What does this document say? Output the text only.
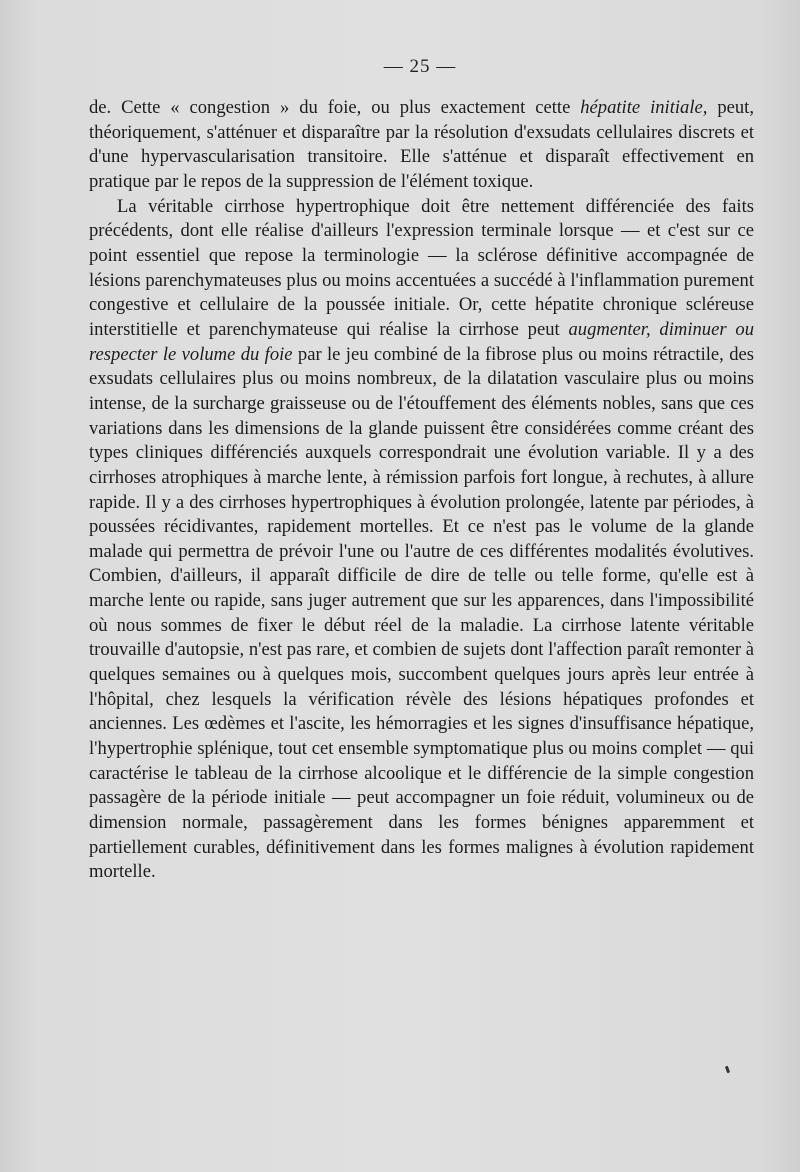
— 25 —

de. Cette « congestion » du foie, ou plus exactement cette hépatite initiale, peut, théoriquement, s'atténuer et disparaître par la résolution d'exsudats cellulaires discrets et d'une hypervascularisation transitoire. Elle s'atténue et disparaît effectivement en pratique par le repos de la suppression de l'élément toxique.

La véritable cirrhose hypertrophique doit être nettement différenciée des faits précédents, dont elle réalise d'ailleurs l'expression terminale lorsque — et c'est sur ce point essentiel que repose la terminologie — la sclérose définitive accompagnée de lésions parenchymateuses plus ou moins accentuées a succédé à l'inflammation purement congestive et cellulaire de la poussée initiale. Or, cette hépatite chronique scléreuse interstitielle et parenchymateuse qui réalise la cirrhose peut augmenter, diminuer ou respecter le volume du foie par le jeu combiné de la fibrose plus ou moins rétractile, des exsudats cellulaires plus ou moins nombreux, de la dilatation vasculaire plus ou moins intense, de la surcharge graisseuse ou de l'étouffement des éléments nobles, sans que ces variations dans les dimensions de la glande puissent être considérées comme créant des types cliniques différenciés auxquels correspondrait une évolution variable. Il y a des cirrhoses atrophiques à marche lente, à rémission parfois fort longue, à rechutes, à allure rapide. Il y a des cirrhoses hypertrophiques à évolution prolongée, latente par périodes, à poussées récidivantes, rapidement mortelles. Et ce n'est pas le volume de la glande malade qui permettra de prévoir l'une ou l'autre de ces différentes modalités évolutives. Combien, d'ailleurs, il apparaît difficile de dire de telle ou telle forme, qu'elle est à marche lente ou rapide, sans juger autrement que sur les apparences, dans l'impossibilité où nous sommes de fixer le début réel de la maladie. La cirrhose latente véritable trouvaille d'autopsie, n'est pas rare, et combien de sujets dont l'affection paraît remonter à quelques semaines ou à quelques mois, succombent quelques jours après leur entrée à l'hôpital, chez lesquels la vérification révèle des lésions hépatiques profondes et anciennes. Les œdèmes et l'ascite, les hémorragies et les signes d'insuffisance hépatique, l'hypertrophie splénique, tout cet ensemble symptomatique plus ou moins complet — qui caractérise le tableau de la cirrhose alcoolique et le différencie de la simple congestion passagère de la période initiale — peut accompagner un foie réduit, volumineux ou de dimension normale, passagèrement dans les formes bénignes apparemment et partiellement curables, définitivement dans les formes malignes à évolution rapidement mortelle.
